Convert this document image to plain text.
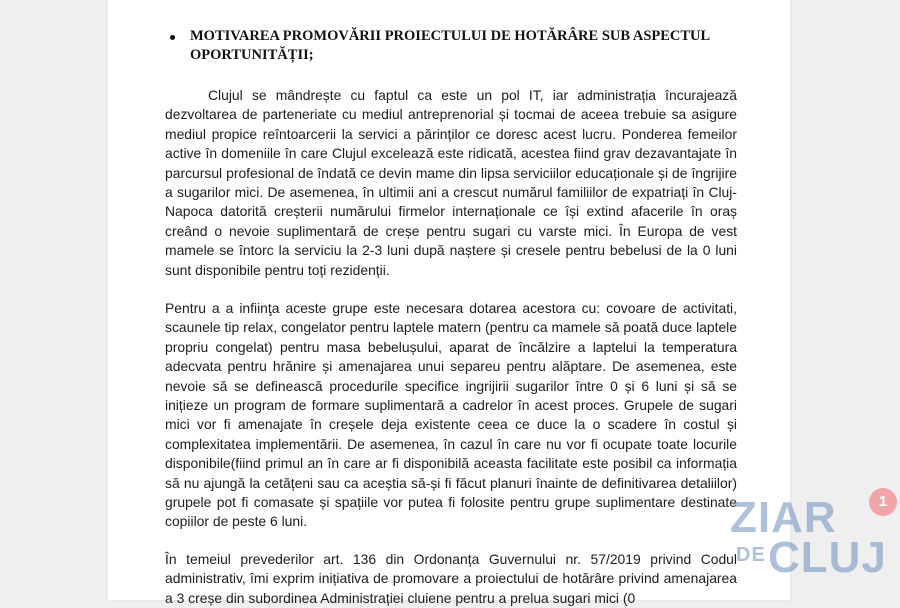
MOTIVAREA PROMOVĂRII PROIECTULUI DE HOTĂRÂRE SUB ASPECTUL OPORTUNITĂȚII;

Clujul se mândrește cu faptul ca este un pol IT, iar administrația încurajează dezvoltarea de parteneriate cu mediul antreprenorial și tocmai de aceea trebuie sa asigure mediul propice reîntoarcerii la servici a părinților ce doresc acest lucru. Ponderea femeilor active în domeniile în care Clujul excelează este ridicată, acestea fiind grav dezavantajate în parcursul profesional de îndată ce devin mame din lipsa serviciilor educaționale și de îngrijire a sugarilor mici. De asemenea, în ultimii ani a crescut numărul familiilor de expatriați în Cluj-Napoca datorită creșterii numărului firmelor internaționale ce își extind afacerile în oraș creând o nevoie suplimentară de creșe pentru sugari cu varste mici. În Europa de vest mamele se întorc la serviciu la 2-3 luni după naștere și cresele pentru bebelusi de la 0 luni sunt disponibile pentru toți rezidenții.

Pentru a a infiinţa aceste grupe este necesara dotarea acestora cu: covoare de activitati, scaunele tip relax, congelator pentru laptele matern (pentru ca mamele să poată duce laptele propriu congelat) pentru masa bebelușului, aparat de încălzire a laptelui la temperatura adecvata pentru hrănire și amenajarea unui separeu pentru alăptare. De asemenea, este nevoie să se definească procedurile specifice ingrijirii sugarilor între 0 și 6 luni și să se inițieze un program de formare suplimentară a cadrelor în acest proces. Grupele de sugari mici vor fi amenajate în creșele deja existente ceea ce duce la o scadere în costul și complexitatea implementării. De asemenea, în cazul în care nu vor fi ocupate toate locurile disponibile(fiind primul an în care ar fi disponibilă aceasta facilitate este posibil ca informația să nu ajungă la cetățeni sau ca aceștia să-și fi făcut planuri înainte de definitivarea detaliilor) grupele pot fi comasate și spațiile vor putea fi folosite pentru grupe suplimentare destinate copiilor de peste 6 luni.

În temeiul prevederilor art. 136 din Ordonanța Guvernului nr. 57/2019 privind Codul administrativ, îmi exprim inițiativa de promovare a proiectului de hotărâre privind amenajarea a 3 creșe din subordinea Administrației cluiene pentru a prelua sugari mici (0

ZIAR
DE CLUJ
1
